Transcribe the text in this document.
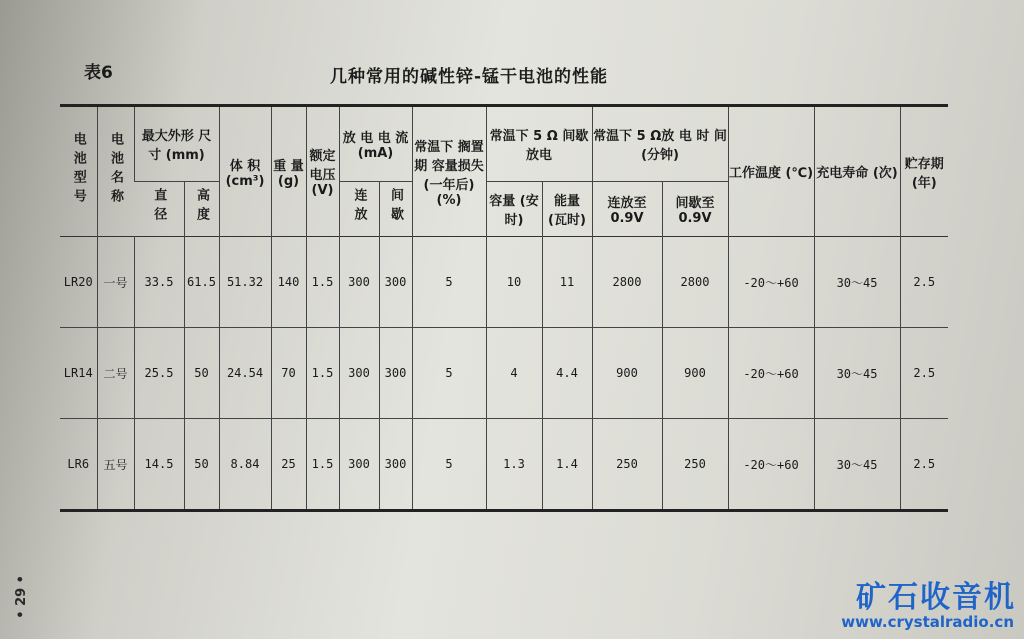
• 29 •
表6	几种常用的碱性锌-锰干电池的性能
电池型号	电池名称	最大外形 尺 寸 (mm)		体 积 (cm³)	重 量 (g)	额定电压 (V)	放 电 电 流 (mA)		常温下 搁置期 容量损失 (一年后) (%)	常温下 5 Ω 间歇放电		常温下 5 Ω放 电 时 间 (分钟)		工作温度 (℃)	充电寿命 (次)	贮存期 (年)
		直径	高度				连放	间歇		容量 (安时)	能量 (瓦时)	连放至 0.9V	间歇至 0.9V			
LR20	一号	33.5	61.5	51.32	140	1.5	300	300	5	10	11	2800	2800	-20～+60	30～45	2.5
LR14	二号	25.5	50	24.54	70	1.5	300	300	5	4	4.4	900	900	-20～+60	30～45	2.5
LR6	五号	14.5	50	8.84	25	1.5	300	300	5	1.3	1.4	250	250	-20～+60	30～45	2.5
矿石收音机
www.crystalradio.cn
